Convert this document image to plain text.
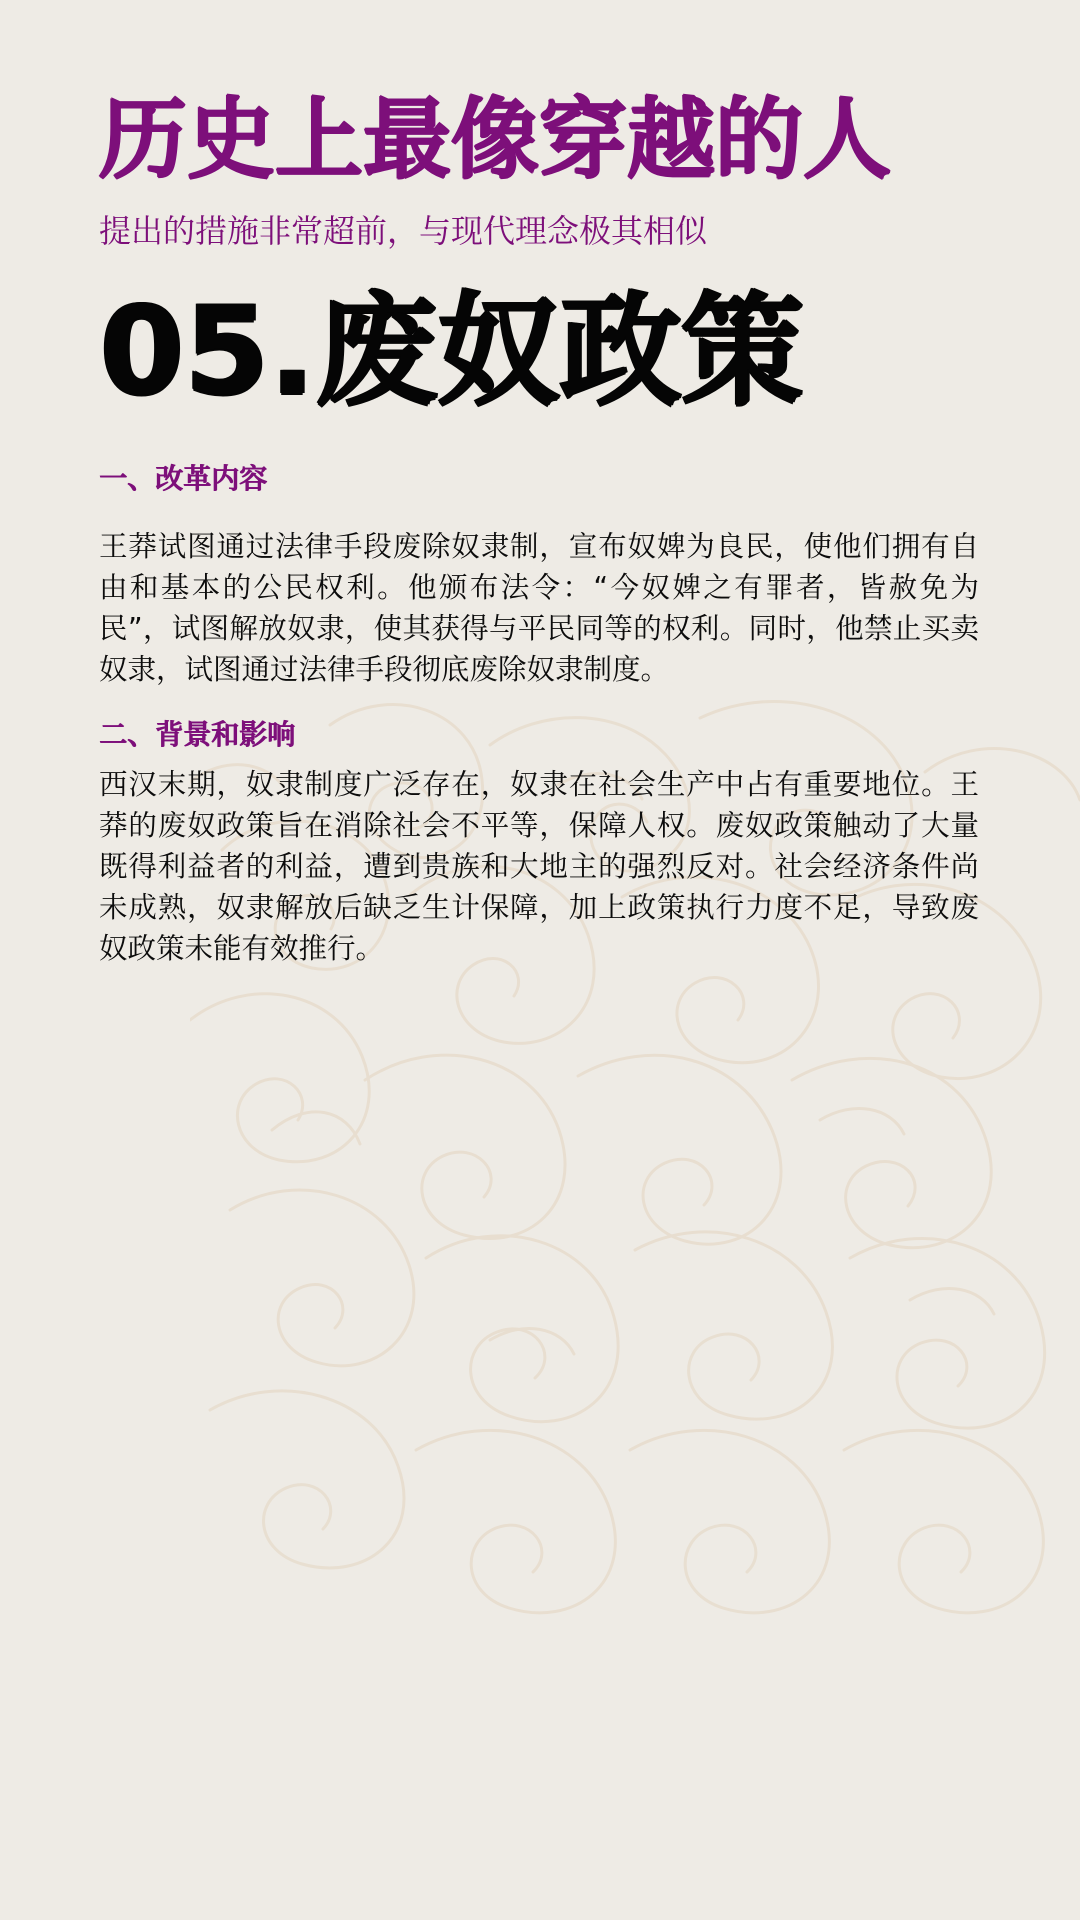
历史上最像穿越的人
提出的措施非常超前，与现代理念极其相似
05.废奴政策
一、改革内容

王莽试图通过法律手段废除奴隶制，宣布奴婢为良民，使他们拥有自由和基本的公民权利。他颁布法令：“今奴婢之有罪者，皆赦免为民”，试图解放奴隶，使其获得与平民同等的权利。同时，他禁止买卖奴隶，试图通过法律手段彻底废除奴隶制度。

二、背景和影响

西汉末期，奴隶制度广泛存在，奴隶在社会生产中占有重要地位。王莽的废奴政策旨在消除社会不平等，保障人权。废奴政策触动了大量既得利益者的利益，遭到贵族和大地主的强烈反对。社会经济条件尚未成熟，奴隶解放后缺乏生计保障，加上政策执行力度不足，导致废奴政策未能有效推行。
